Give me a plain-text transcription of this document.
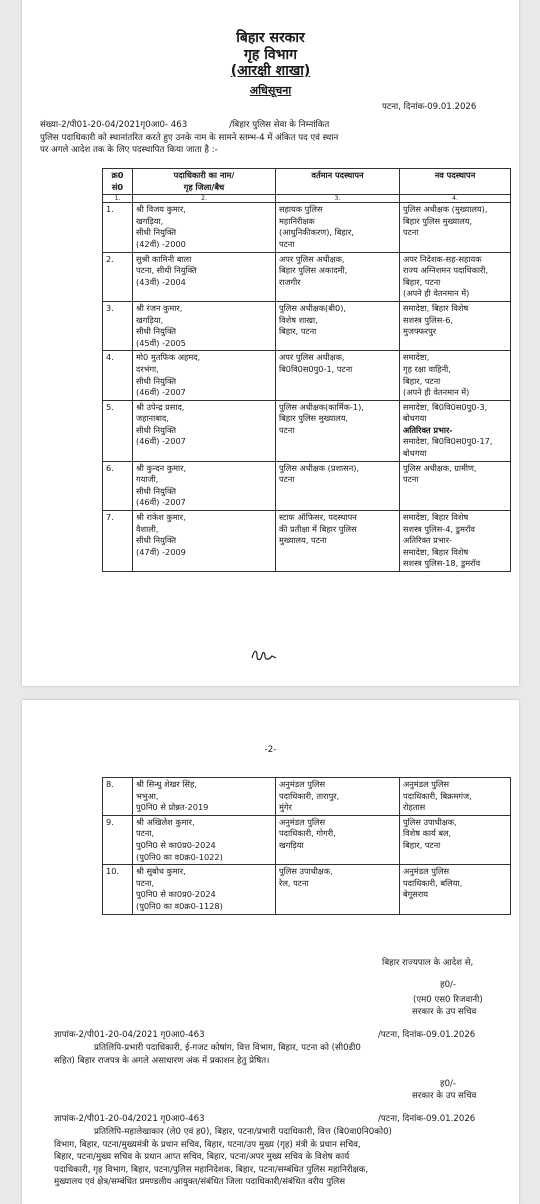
बिहार सरकार
गृह विभाग
(आरक्षी शाखा)
अधिसूचना
पटना, दिनांक-09.01.2026
संख्या-2/पी01-20-04/2021गृ0आ0- 463	/बिहार पुलिस सेवा के निम्नांकित
पुलिस पदाधिकारी को स्थानांतरित करते हुए उनके नाम के सामने स्तम्भ-4 में अंकित पद एवं स्थान
पर अगले आदेश तक के लिए पदस्थापित किया जाता है :-
क्र0
सं0	पदाधिकारी का नाम/
गृह जिला/बैच	वर्तमान पदस्थापन	नव पदस्थापन

1.	2.	3.	4.
1.	श्री विजय कुमार,
खगड़िया,
सीधी नियुक्ति
(42वीं) -2000	सहायक पुलिस
महानिरीक्षक
(आधुनिकीकरण), बिहार,
पटना	पुलिस अधीक्षक (मुख्यालय),
बिहार पुलिस मुख्यालय,
पटना

2.	सुश्री कामिनी बाला
पटना, सीधी नियुक्ति
(43वीं) -2004	अपर पुलिस अधीक्षक,
बिहार पुलिस अकादमी,
राजगीर	अपर निदेशक-सह-सहायक
राज्य अग्निशमन पदाधिकारी,
बिहार, पटना
(अपने ही वेतनमान में)

3.	श्री रंजन कुमार,
खगड़िया,
सीधी नियुक्ति
(45वीं) -2005	पुलिस अधीक्षक(बी0),
विशेष शाखा,
बिहार, पटना	समादेष्टा, बिहार विशेष
सशस्त्र पुलिस-6,
मुजफ्फरपुर

4.	मो0 मुतफिक अहमद,
दरभंगा,
सीधी नियुक्ति
(46वीं) -2007	अपर पुलिस अधीक्षक,
बि0वि0स0पु0-1, पटना	समादेष्टा,
गृह रक्षा वाहिनी,
बिहार, पटना
(अपने ही वेतनमान में)

5.	श्री उपेन्द्र प्रसाद,
जहानाबाद,
सीधी नियुक्ति
(46वीं) -2007	पुलिस अधीक्षक(कार्मिक-1),
बिहार पुलिस मुख्यालय,
पटना	समादेष्टा, बि0वि0स0पु0-3,
बोधगया
अतिरिक्त प्रभार-
समादेष्टा, बि0वि0स0पु0-17,
बोधगया

6.	श्री कुन्दन कुमार,
गयाजी,
सीधी नियुक्ति
(46वीं) -2007	पुलिस अधीक्षक (प्रशासन),
पटना	पुलिस अधीक्षक, ग्रामीण,
पटना

7.	श्री राकेश कुमार,
वैशाली,
सीधी नियुक्ति
(47वीं) -2009	स्टाफ ऑफिसर, पदस्थापन
की प्रतीक्षा में बिहार पुलिस
मुख्यालय, पटना	समादेष्टा, बिहार विशेष
सशस्त्र पुलिस-4, डुमरॉव
अतिरिक्त प्रभार-
समादेष्टा, बिहार विशेष
सशस्त्र पुलिस-18, डुमरॉव
-2-
8.	श्री सिन्धु शेखर सिंह,
भभुआ,
पु0नि0 से प्रोन्नत-2019	अनुमंडल पुलिस
पदाधिकारी, तारापुर,
मुंगेर	अनुमंडल पुलिस
पदाधिकारी, बिक्रमगंज,
रोहतास

9.	श्री अखिलेश कुमार,
पटना,
पु0नि0 से का0प्र0-2024
(पु0नि0 का व0क्र0-1022)	अनुमंडल पुलिस
पदाधिकारी, गोगरी,
खगड़िया	पुलिस उपाधीक्षक,
विशेष कार्य बल,
बिहार, पटना

10.	श्री सुबोध कुमार,
पटना,
पु0नि0 से का0प्र0-2024
(पु0नि0 का व0क्र0-1128)	पुलिस उपाधीक्षक,
रेल, पटना	अनुमंडल पुलिस
पदाधिकारी, बलिया,
बेगूसराय
बिहार राज्यपाल के आदेश से,
ह0/-
(एम0 एस0 रिजवानी)
सरकार के उप सचिव
ज्ञापांक-2/पी01-20-04/2021 गृ0आ0-463	/पटना, दिनांक-09.01.2026
प्रतिलिपि-प्रभारी पदाधिकारी, ई-गजट कोषांग, वित्त विभाग, बिहार, पटना को (सी0डी0
सहित) बिहार राजपत्र के अगले असाधारण अंक में प्रकाशन हेतु प्रेषित।
ह0/-
सरकार के उप सचिव
ज्ञापांक-2/पी01-20-04/2021 गृ0आ0-463	/पटना, दिनांक-09.01.2026
प्रतिलिपि-महालेखाकार (ले0 एवं ह0), बिहार, पटना/प्रभारी पदाधिकारी, वित्त (बि0वा0नि0को0)
विभाग, बिहार, पटना/मुख्यमंत्री के प्रधान सचिव, बिहार, पटना/उप मुख्य (गृह) मंत्री के प्रधान सचिव,
बिहार, पटना/मुख्य सचिव के प्रधान आप्त सचिव, बिहार, पटना/अपर मुख्य सचिव के विशेष कार्य
पदाधिकारी, गृह विभाग, बिहार, पटना/पुलिस महानिदेशक, बिहार, पटना/सम्बंधित पुलिस महानिरीक्षक,
मुख्यालय एवं क्षेत्र/सम्बंधित प्रमण्डलीय आयुक्त/संबंधित जिला पदाधिकारी/संबंधित वरीय पुलिस
